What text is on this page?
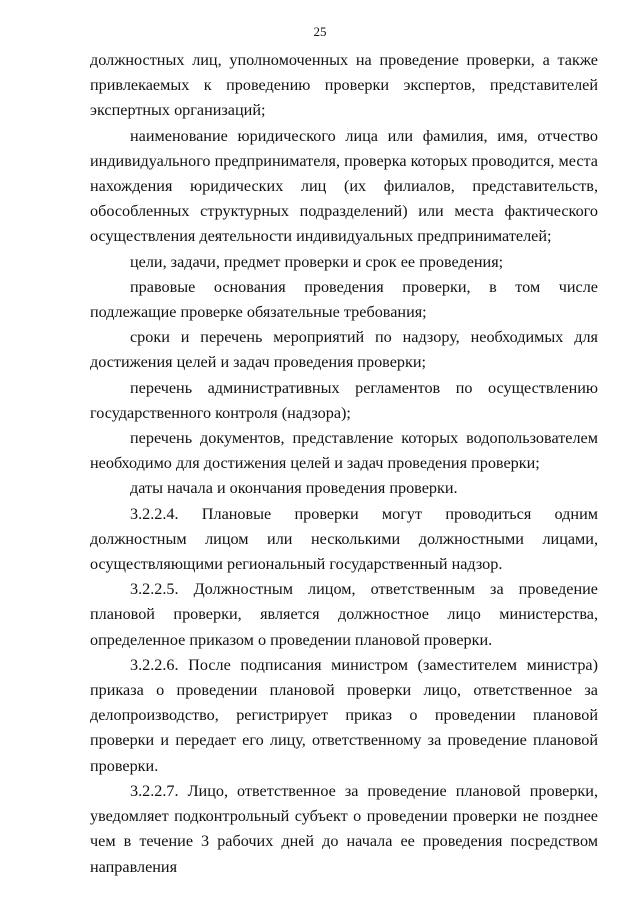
25

должностных лиц, уполномоченных на проведение проверки, а также привлекаемых к проведению проверки экспертов, представителей экспертных организаций;

наименование юридического лица или фамилия, имя, отчество индивидуального предпринимателя, проверка которых проводится, места нахождения юридических лиц (их филиалов, представительств, обособленных структурных подразделений) или места фактического осуществления деятельности индивидуальных предпринимателей;

цели, задачи, предмет проверки и срок ее проведения;

правовые основания проведения проверки, в том числе подлежащие проверке обязательные требования;

сроки и перечень мероприятий по надзору, необходимых для достижения целей и задач проведения проверки;

перечень административных регламентов по осуществлению государственного контроля (надзора);

перечень документов, представление которых водопользователем необходимо для достижения целей и задач проведения проверки;

даты начала и окончания проведения проверки.

3.2.2.4. Плановые проверки могут проводиться одним должностным лицом или несколькими должностными лицами, осуществляющими региональный государственный надзор.

3.2.2.5. Должностным лицом, ответственным за проведение плановой проверки, является должностное лицо министерства, определенное приказом о проведении плановой проверки.

3.2.2.6. После подписания министром (заместителем министра) приказа о проведении плановой проверки лицо, ответственное за делопроизводство, регистрирует приказ о проведении плановой проверки и передает его лицу, ответственному за проведение плановой проверки.

3.2.2.7. Лицо, ответственное за проведение плановой проверки, уведомляет подконтрольный субъект о проведении проверки не позднее чем в течение 3 рабочих дней до начала ее проведения посредством направления
